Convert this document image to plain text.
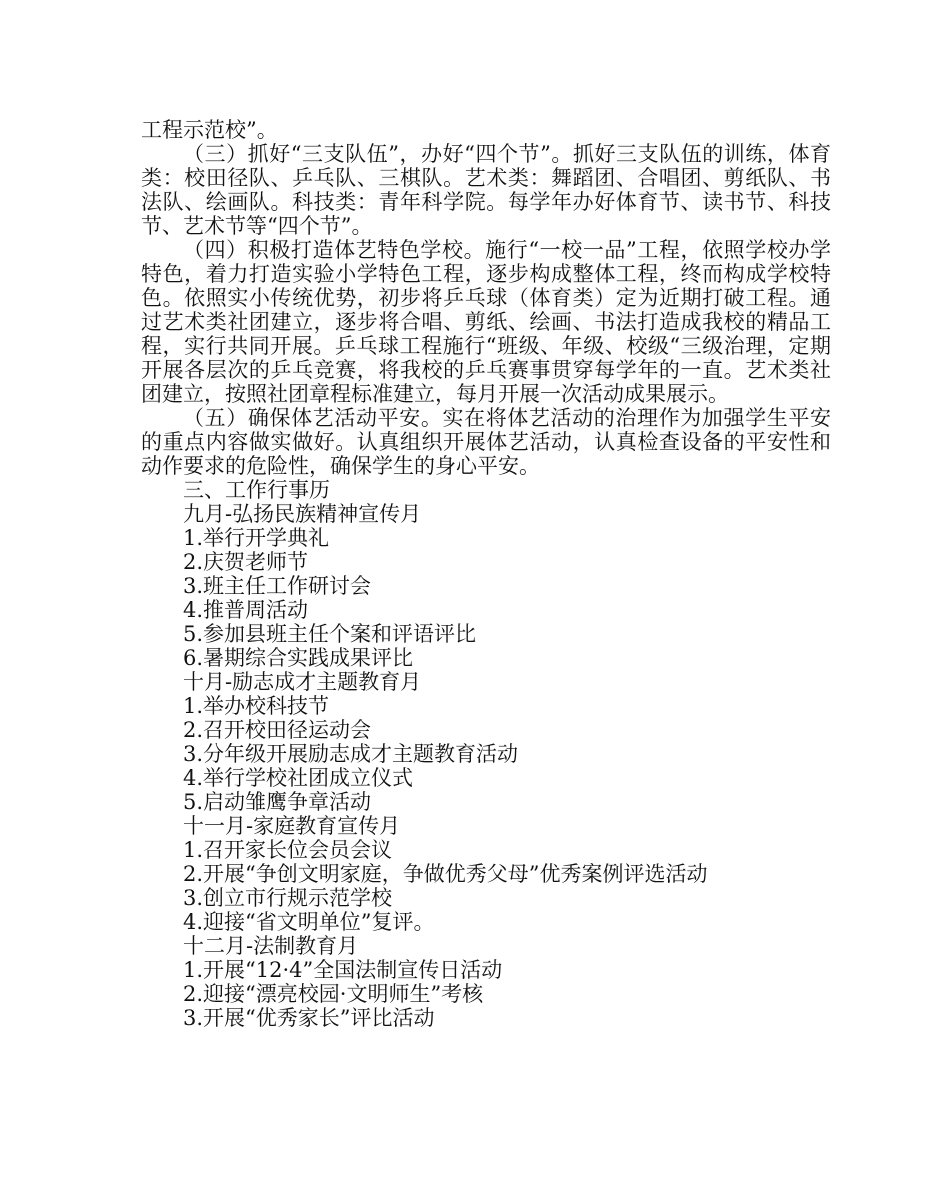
工程示范校”。

（三）抓好“三支队伍”，办好“四个节”。抓好三支队伍的训练，体育类：校田径队、乒乓队、三棋队。艺术类：舞蹈团、合唱团、剪纸队、书法队、绘画队。科技类：青年科学院。每学年办好体育节、读书节、科技节、艺术节等“四个节”。

（四）积极打造体艺特色学校。施行“一校一品”工程，依照学校办学特色，着力打造实验小学特色工程，逐步构成整体工程，终而构成学校特色。依照实小传统优势，初步将乒乓球（体育类）定为近期打破工程。通过艺术类社团建立，逐步将合唱、剪纸、绘画、书法打造成我校的精品工程，实行共同开展。乒乓球工程施行“班级、年级、校级“三级治理，定期开展各层次的乒乓竞赛，将我校的乒乓赛事贯穿每学年的一直。艺术类社团建立，按照社团章程标准建立，每月开展一次活动成果展示。

（五）确保体艺活动平安。实在将体艺活动的治理作为加强学生平安的重点内容做实做好。认真组织开展体艺活动，认真检查设备的平安性和动作要求的危险性，确保学生的身心平安。

三、工作行事历

九月-弘扬民族精神宣传月

1.举行开学典礼

2.庆贺老师节

3.班主任工作研讨会

4.推普周活动

5.参加县班主任个案和评语评比

6.暑期综合实践成果评比

十月-励志成才主题教育月

1.举办校科技节

2.召开校田径运动会

3.分年级开展励志成才主题教育活动

4.举行学校社团成立仪式

5.启动雏鹰争章活动

十一月-家庭教育宣传月

1.召开家长位会员会议

2.开展“争创文明家庭，争做优秀父母”优秀案例评选活动

3.创立市行规示范学校

4.迎接“省文明单位”复评。

十二月-法制教育月

1.开展“12·4”全国法制宣传日活动

2.迎接“漂亮校园·文明师生”考核

3.开展“优秀家长”评比活动
